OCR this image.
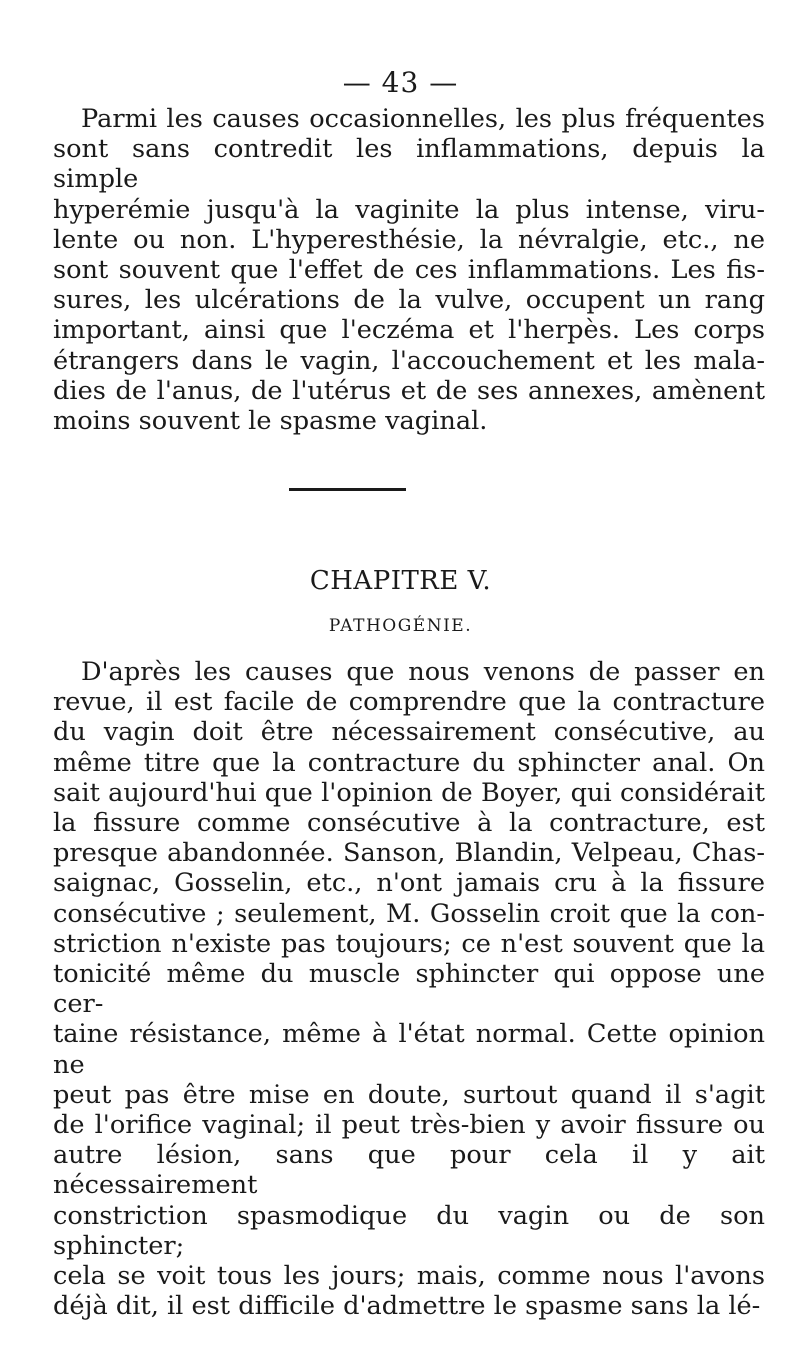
— 43 —
Parmi les causes occasionnelles, les plus fréquentes
sont sans contredit les inflammations, depuis la simple
hyperémie jusqu'à la vaginite la plus intense, viru-
lente ou non. L'hyperesthésie, la névralgie, etc., ne
sont souvent que l'effet de ces inflammations. Les fis-
sures, les ulcérations de la vulve, occupent un rang
important, ainsi que l'eczéma et l'herpès. Les corps
étrangers dans le vagin, l'accouchement et les mala-
dies de l'anus, de l'utérus et de ses annexes, amènent
moins souvent le spasme vaginal.
CHAPITRE V.
PATHOGÉNIE.
D'après les causes que nous venons de passer en
revue, il est facile de comprendre que la contracture
du vagin doit être nécessairement consécutive, au
même titre que la contracture du sphincter anal. On
sait aujourd'hui que l'opinion de Boyer, qui considérait
la fissure comme consécutive à la contracture, est
presque abandonnée. Sanson, Blandin, Velpeau, Chas-
saignac, Gosselin, etc., n'ont jamais cru à la fissure
consécutive ; seulement, M. Gosselin croit que la con-
striction n'existe pas toujours; ce n'est souvent que la
tonicité même du muscle sphincter qui oppose une cer-
taine résistance, même à l'état normal. Cette opinion ne
peut pas être mise en doute, surtout quand il s'agit
de l'orifice vaginal; il peut très-bien y avoir fissure ou
autre lésion, sans que pour cela il y ait nécessairement
constriction spasmodique du vagin ou de son sphincter;
cela se voit tous les jours; mais, comme nous l'avons
déjà dit, il est difficile d'admettre le spasme sans la lé-
